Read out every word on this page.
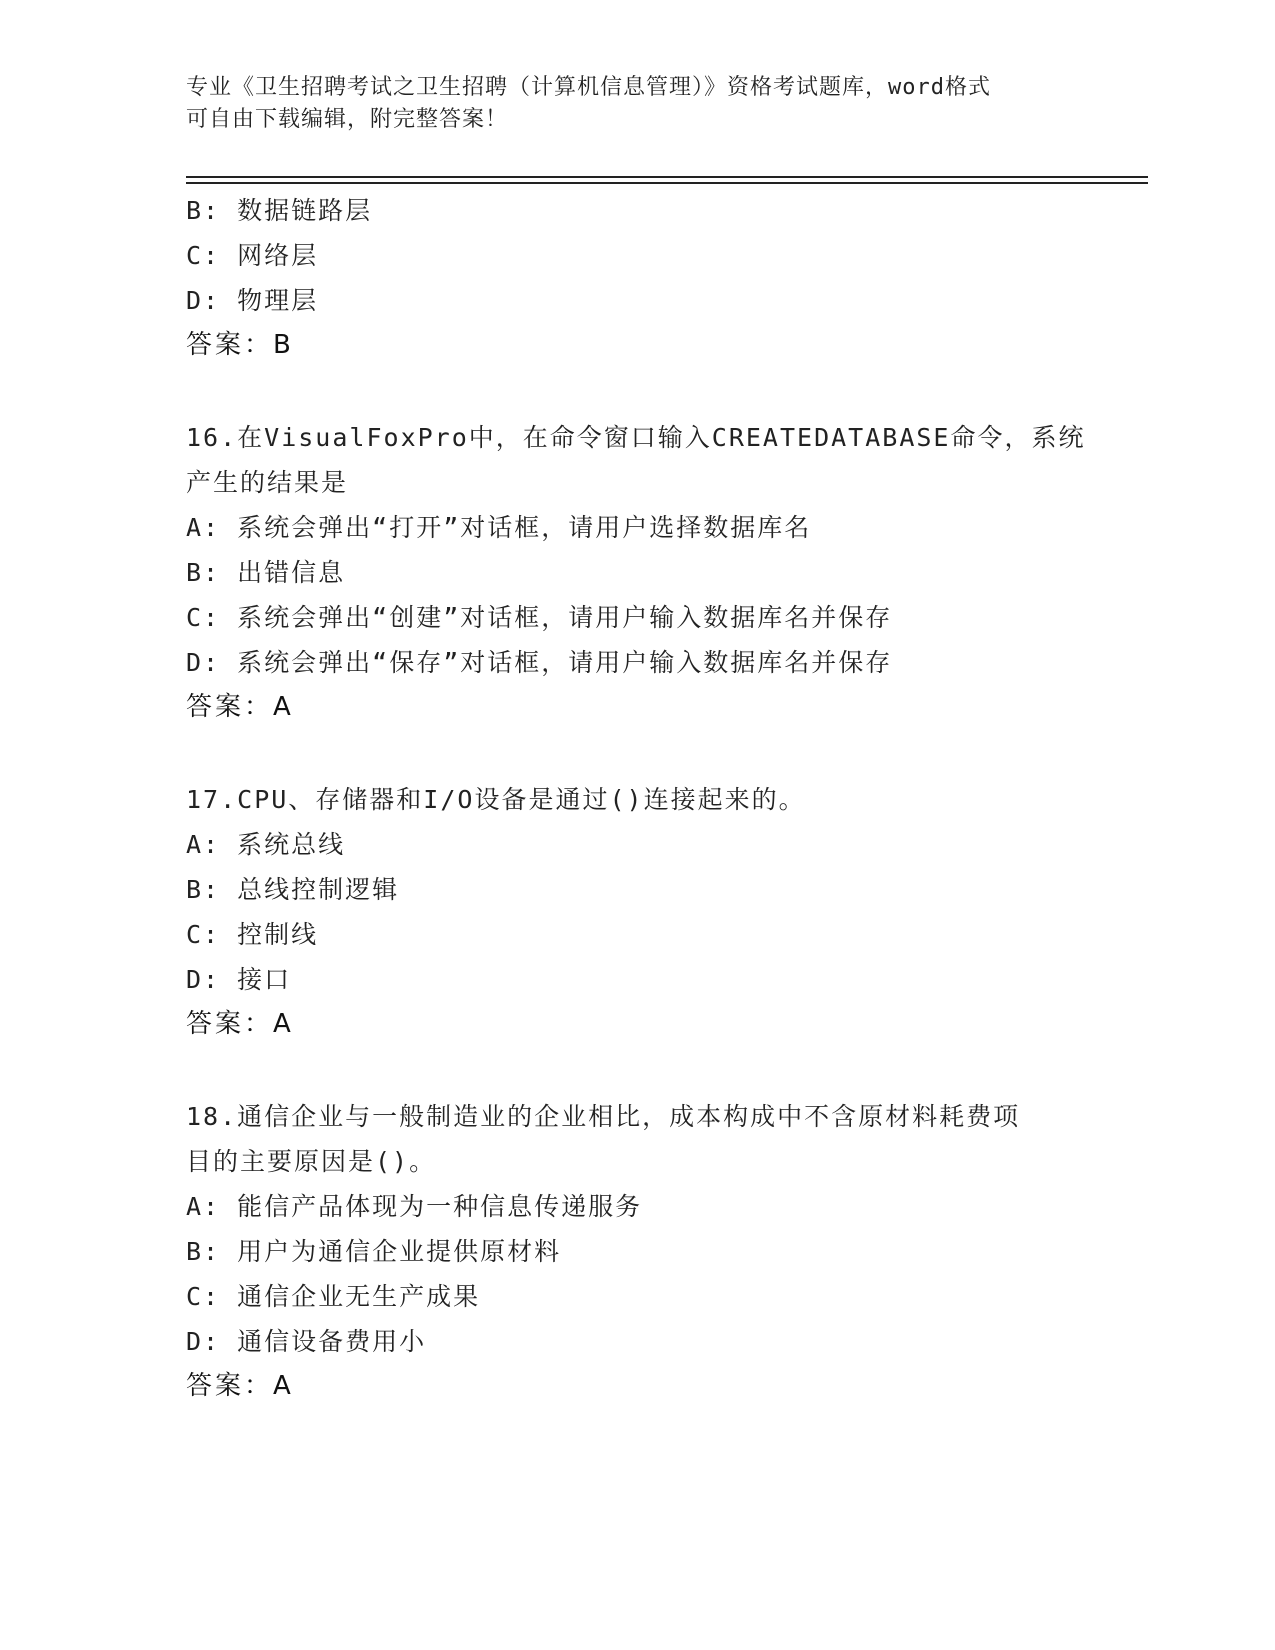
专业《卫生招聘考试之卫生招聘（计算机信息管理）》资格考试题库，word格式
可自由下载编辑，附完整答案！
B: 数据链路层
C: 网络层
D: 物理层
答案：B
16.在VisualFoxPro中，在命令窗口输入CREATEDATABASE命令，系统
产生的结果是
A: 系统会弹出“打开”对话框，请用户选择数据库名
B: 出错信息
C: 系统会弹出“创建”对话框，请用户输入数据库名并保存
D: 系统会弹出“保存”对话框，请用户输入数据库名并保存
答案：A
17.CPU、存储器和I/O设备是通过()连接起来的。
A: 系统总线
B: 总线控制逻辑
C: 控制线
D: 接口
答案：A
18.通信企业与一般制造业的企业相比，成本构成中不含原材料耗费项
目的主要原因是()。
A: 能信产品体现为一种信息传递服务
B: 用户为通信企业提供原材料
C: 通信企业无生产成果
D: 通信设备费用小
答案：A
